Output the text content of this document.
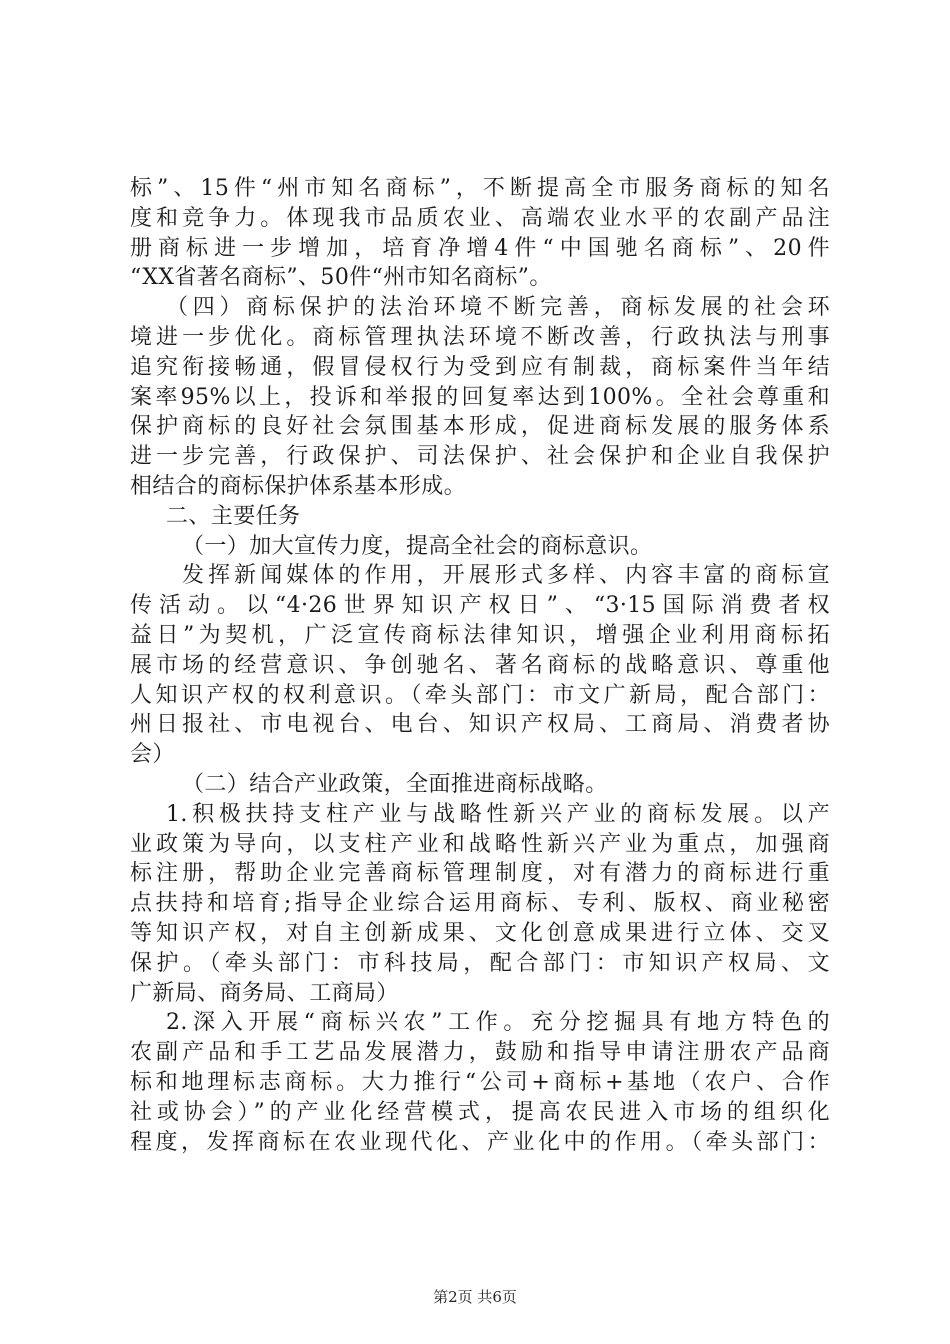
标”、15件“州市知名商标”，不断提高全市服务商标的知名
度和竞争力。体现我市品质农业、高端农业水平的农副产品注
册商标进一步增加，培育净增4件“中国驰名商标”、20件
“XX省著名商标”、50件“州市知名商标”。
（四）商标保护的法治环境不断完善，商标发展的社会环
境进一步优化。商标管理执法环境不断改善，行政执法与刑事
追究衔接畅通，假冒侵权行为受到应有制裁，商标案件当年结
案率95%以上，投诉和举报的回复率达到100%。全社会尊重和
保护商标的良好社会氛围基本形成，促进商标发展的服务体系
进一步完善，行政保护、司法保护、社会保护和企业自我保护
相结合的商标保护体系基本形成。
二、主要任务
（一）加大宣传力度，提高全社会的商标意识。
发挥新闻媒体的作用，开展形式多样、内容丰富的商标宣
传活动。以“4·26世界知识产权日”、“3·15国际消费者权
益日”为契机，广泛宣传商标法律知识，增强企业利用商标拓
展市场的经营意识、争创驰名、著名商标的战略意识、尊重他
人知识产权的权利意识。（牵头部门：市文广新局，配合部门：
州日报社、市电视台、电台、知识产权局、工商局、消费者协
会）
（二）结合产业政策，全面推进商标战略。
1.积极扶持支柱产业与战略性新兴产业的商标发展。以产
业政策为导向，以支柱产业和战略性新兴产业为重点，加强商
标注册，帮助企业完善商标管理制度，对有潜力的商标进行重
点扶持和培育;指导企业综合运用商标、专利、版权、商业秘密
等知识产权，对自主创新成果、文化创意成果进行立体、交叉
保护。（牵头部门：市科技局，配合部门：市知识产权局、文
广新局、商务局、工商局）
2.深入开展“商标兴农”工作。充分挖掘具有地方特色的
农副产品和手工艺品发展潜力，鼓励和指导申请注册农产品商
标和地理标志商标。大力推行“公司+商标+基地（农户、合作
社或协会）”的产业化经营模式，提高农民进入市场的组织化
程度，发挥商标在农业现代化、产业化中的作用。（牵头部门：
第2页 共6页
